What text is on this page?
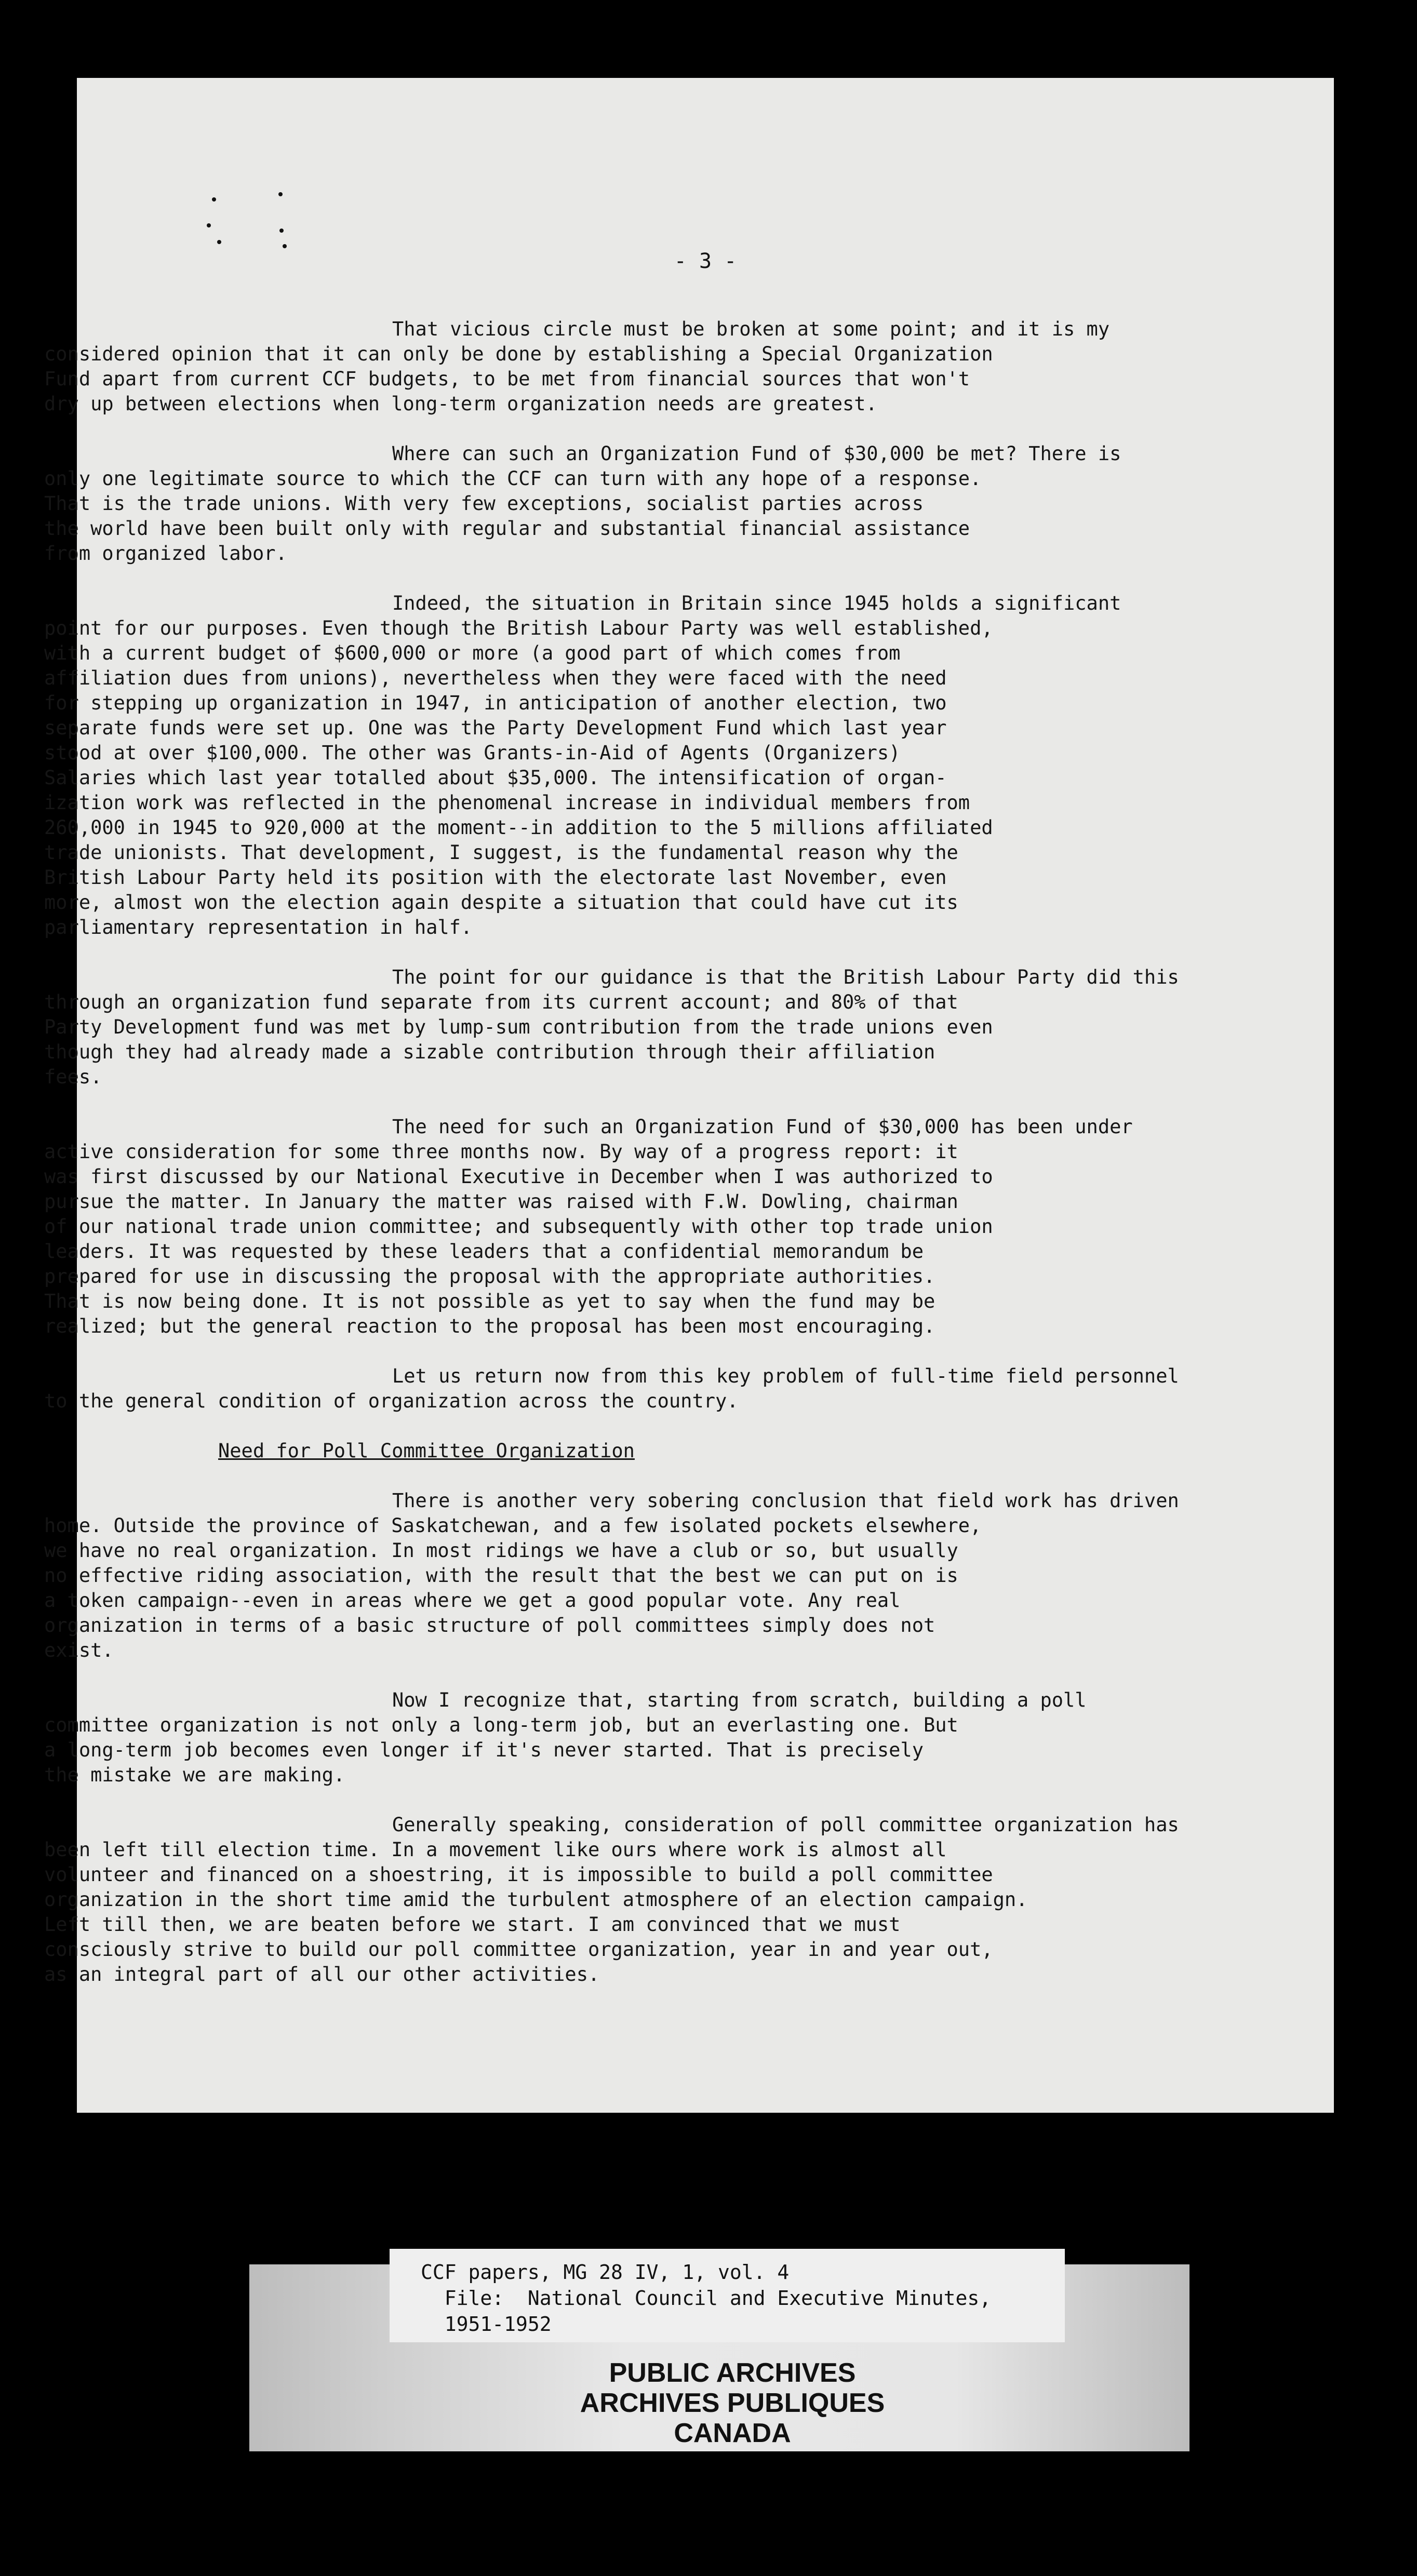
- 3 -
That vicious circle must be broken at some point; and it is my
considered opinion that it can only be done by establishing a Special Organization
Fund apart from current CCF budgets, to be met from financial sources that won't
dry up between elections when long-term organization needs are greatest.
Where can such an Organization Fund of $30,000 be met? There is
only one legitimate source to which the CCF can turn with any hope of a response.
That is the trade unions. With very few exceptions, socialist parties across
the world have been built only with regular and substantial financial assistance
from organized labor.
Indeed, the situation in Britain since 1945 holds a significant
point for our purposes. Even though the British Labour Party was well established,
with a current budget of $600,000 or more (a good part of which comes from
affiliation dues from unions), nevertheless when they were faced with the need
for stepping up organization in 1947, in anticipation of another election, two
separate funds were set up. One was the Party Development Fund which last year
stood at over $100,000. The other was Grants-in-Aid of Agents (Organizers)
Salaries which last year totalled about $35,000. The intensification of organ-
ization work was reflected in the phenomenal increase in individual members from
260,000 in 1945 to 920,000 at the moment--in addition to the 5 millions affiliated
trade unionists. That development, I suggest, is the fundamental reason why the
British Labour Party held its position with the electorate last November, even
more, almost won the election again despite a situation that could have cut its
parliamentary representation in half.
The point for our guidance is that the British Labour Party did this
through an organization fund separate from its current account; and 80% of that
Party Development fund was met by lump-sum contribution from the trade unions even
though they had already made a sizable contribution through their affiliation
fees.
The need for such an Organization Fund of $30,000 has been under
active consideration for some three months now. By way of a progress report: it
was first discussed by our National Executive in December when I was authorized to
pursue the matter. In January the matter was raised with F.W. Dowling, chairman
of our national trade union committee; and subsequently with other top trade union
leaders. It was requested by these leaders that a confidential memorandum be
prepared for use in discussing the proposal with the appropriate authorities.
That is now being done. It is not possible as yet to say when the fund may be
realized; but the general reaction to the proposal has been most encouraging.
Let us return now from this key problem of full-time field personnel
to the general condition of organization across the country.
Need for Poll Committee Organization
There is another very sobering conclusion that field work has driven
home. Outside the province of Saskatchewan, and a few isolated pockets elsewhere,
we have no real organization. In most ridings we have a club or so, but usually
no effective riding association, with the result that the best we can put on is
a token campaign--even in areas where we get a good popular vote. Any real
organization in terms of a basic structure of poll committees simply does not
exist.
Now I recognize that, starting from scratch, building a poll
committee organization is not only a long-term job, but an everlasting one. But
a long-term job becomes even longer if it's never started. That is precisely
the mistake we are making.
Generally speaking, consideration of poll committee organization has
been left till election time. In a movement like ours where work is almost all
volunteer and financed on a shoestring, it is impossible to build a poll committee
organization in the short time amid the turbulent atmosphere of an election campaign.
Left till then, we are beaten before we start. I am convinced that we must
consciously strive to build our poll committee organization, year in and year out,
as an integral part of all our other activities.
CCF papers, MG 28 IV, 1, vol. 4
File:  National Council and Executive Minutes,
1951-1952
PUBLIC ARCHIVES
ARCHIVES PUBLIQUES
CANADA
